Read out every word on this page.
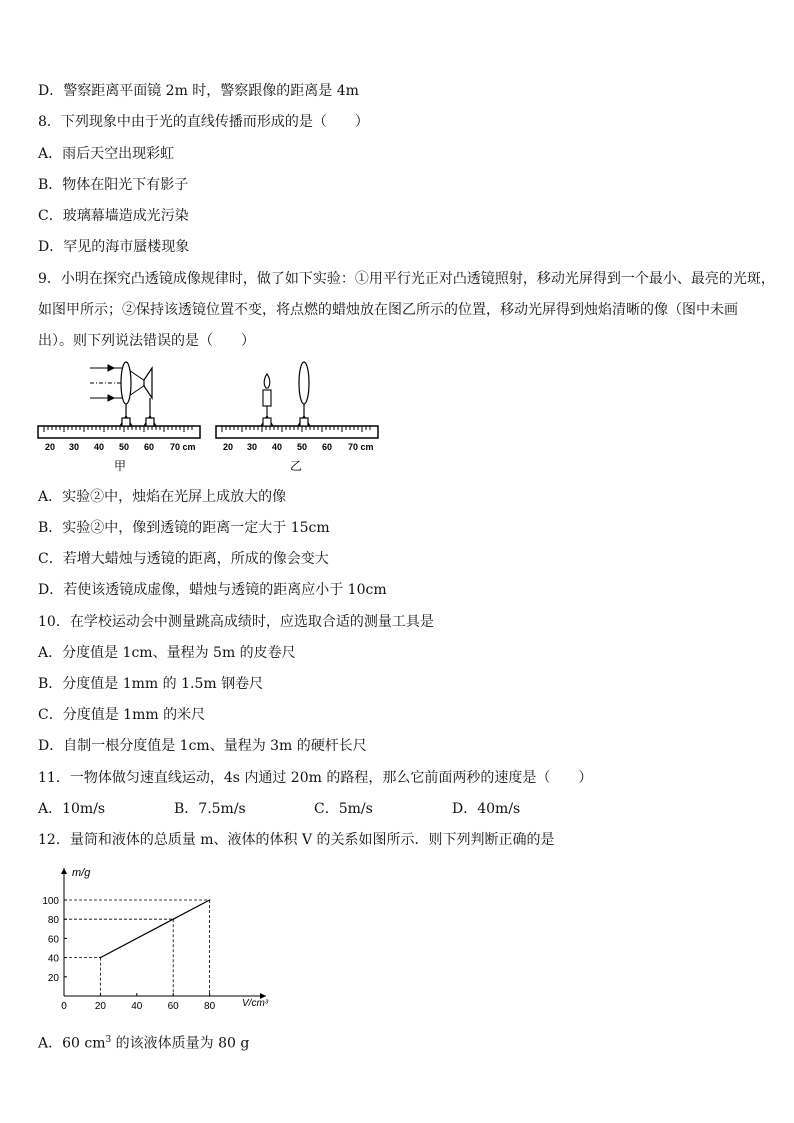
D．警察距离平面镜 2m 时，警察跟像的距离是 4m
8．下列现象中由于光的直线传播而形成的是（　　）
A．雨后天空出现彩虹
B．物体在阳光下有影子
C．玻璃幕墙造成光污染
D．罕见的海市蜃楼现象
9．小明在探究凸透镜成像规律时，做了如下实验：①用平行光正对凸透镜照射，移动光屏得到一个最小、最亮的光斑，
如图甲所示；②保持该透镜位置不变，将点燃的蜡烛放在图乙所示的位置，移动光屏得到烛焰清晰的像（图中未画
出）。则下列说法错误的是（　　）
20 30 40 50 60 70 cm
甲
20 30 40 50 60 70 cm
乙
A．实验②中，烛焰在光屏上成放大的像
B．实验②中，像到透镜的距离一定大于 15cm
C．若增大蜡烛与透镜的距离，所成的像会变大
D．若使该透镜成虚像，蜡烛与透镜的距离应小于 10cm
10．在学校运动会中测量跳高成绩时，应选取合适的测量工具是
A．分度值是 1cm、量程为 5m 的皮卷尺
B．分度值是 1mm 的 1.5m 钢卷尺
C．分度值是 1mm 的米尺
D．自制一根分度值是 1cm、量程为 3m 的硬杆长尺
11．一物体做匀速直线运动，4s 内通过 20m 的路程，那么它前面两秒的速度是（　　）
A．10m/s	B．7.5m/s	C．5m/s	D．40m/s
12．量筒和液体的总质量 m、液体的体积 V 的关系如图所示．则下列判断正确的是
m/g
V/cm³
0	20	40	60	80
20
40
60
80
100
A．60 $cm^3$ 的该液体质量为 80 g
